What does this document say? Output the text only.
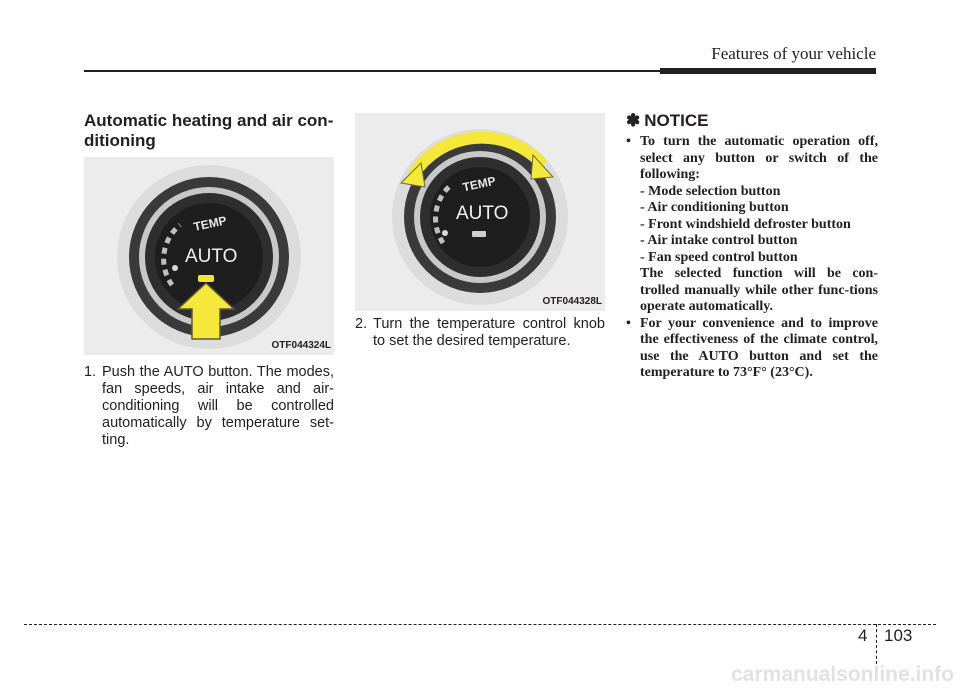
Features of your vehicle
Automatic heating and air con-ditioning
TEMP
AUTO
OTF044324L
1. Push the AUTO button. The modes, fan speeds, air intake and air-conditioning will be controlled automatically by temperature set-ting.
TEMP
AUTO
OTF044328L
2. Turn the temperature control knob to set the desired temperature.
✽ NOTICE
• To turn the automatic operation off, select any button or switch of the following:
- Mode selection button
- Air conditioning button
- Front windshield defroster button
- Air intake control button
- Fan speed control button
The selected function will be con-trolled manually while other func-tions operate automatically.
• For your convenience and to improve the effectiveness of the climate control, use the AUTO button and set the temperature to 73°F° (23°C).
4 103
carmanualsonline.info
